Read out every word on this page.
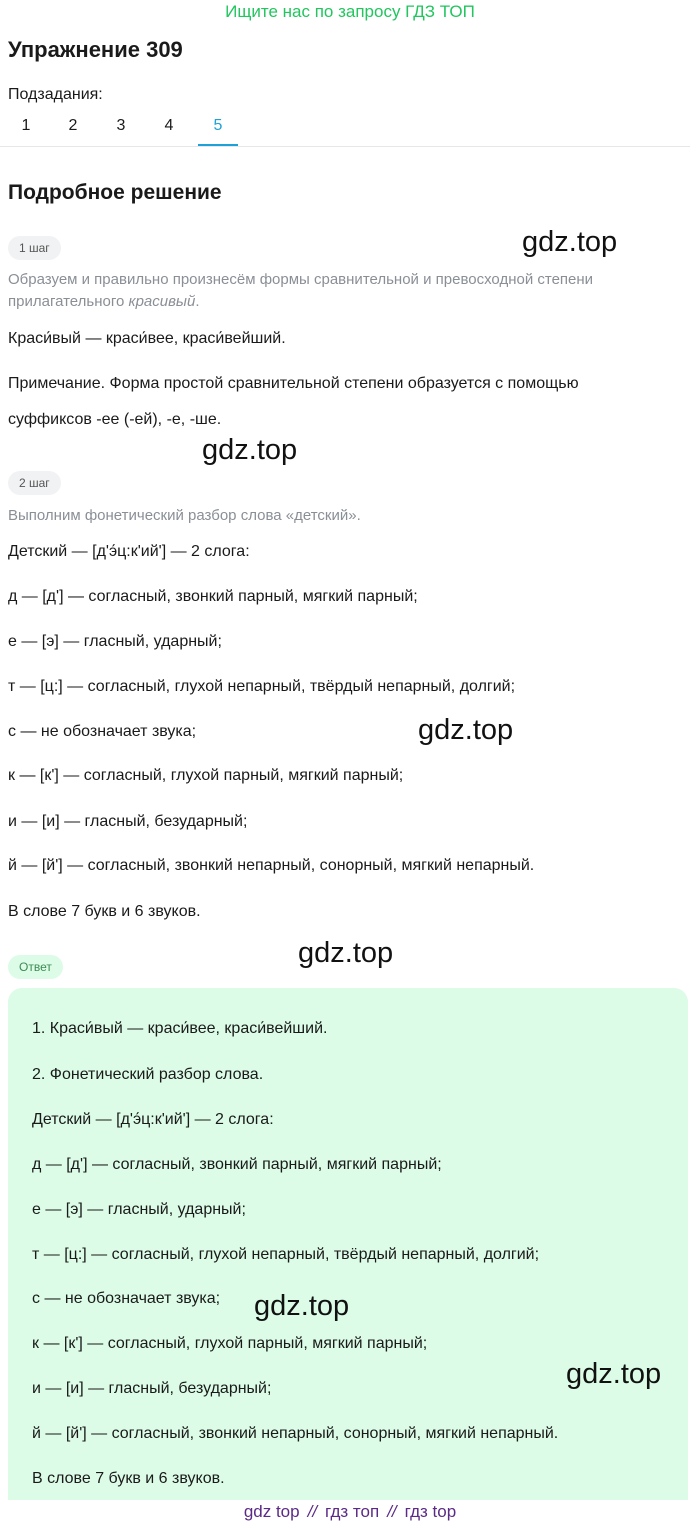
Ищите нас по запросу ГДЗ ТОП
Упражнение 309
Подзадания:
1	2	3	4	5
Подробное решение
1 шаг

Образуем и правильно произнесём формы сравнительной и превосходной степени прилагательного красивый.

Краси́вый — краси́вее, краси́вейший.

Примечание. Форма простой сравнительной степени образуется с помощью

суффиксов -ее (-ей), -е, -ше.

2 шаг

Выполним фонетический разбор слова «детский».

Детский — [д'э́ц:к'ий'] — 2 слога:

д — [д'] — согласный, звонкий парный, мягкий парный;

е — [э] — гласный, ударный;

т — [ц:] — согласный, глухой непарный, твёрдый непарный, долгий;

с — не обозначает звука;

к — [к'] — согласный, глухой парный, мягкий парный;

и — [и] — гласный, безударный;

й — [й'] — согласный, звонкий непарный, сонорный, мягкий непарный.

В слове 7 букв и 6 звуков.

Ответ

1. Краси́вый — краси́вее, краси́вейший.

2. Фонетический разбор слова.

Детский — [д'э́ц:к'ий'] — 2 слога:

д — [д'] — согласный, звонкий парный, мягкий парный;

е — [э] — гласный, ударный;

т — [ц:] — согласный, глухой непарный, твёрдый непарный, долгий;

с — не обозначает звука;

к — [к'] — согласный, глухой парный, мягкий парный;

и — [и] — гласный, безударный;

й — [й'] — согласный, звонкий непарный, сонорный, мягкий непарный.

В слове 7 букв и 6 звуков.

gdz.top
gdz.top
gdz.top
gdz.top
gdz.top
gdz.top
gdz top // гдз топ // гдз top
